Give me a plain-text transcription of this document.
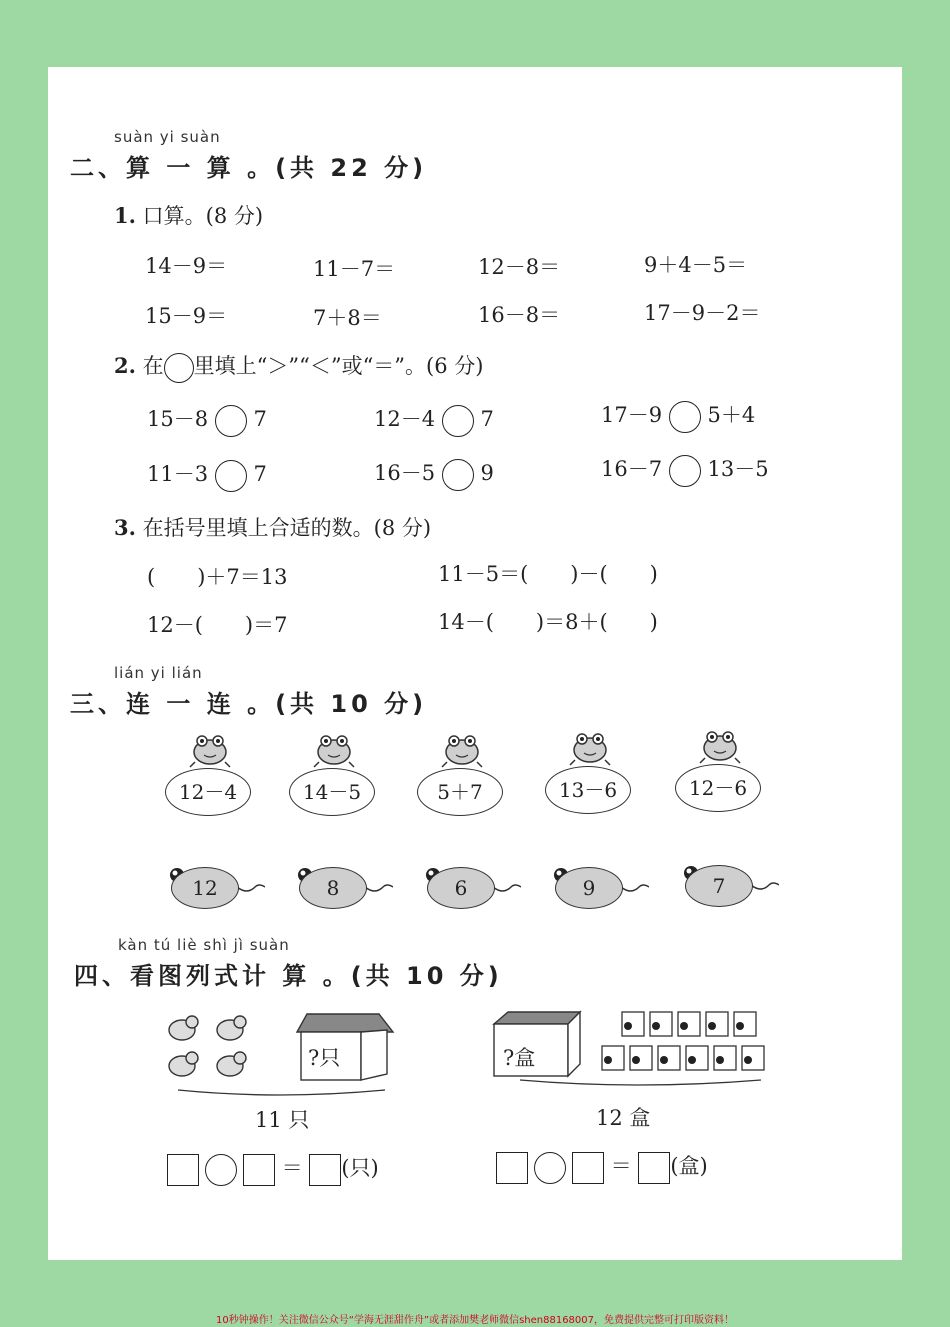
suàn yi suàn
二、算 一 算 。(共 22 分)
1. 口算。(8 分)
14－9＝	11－7＝	12－8＝	9＋4－5＝
15－9＝	7＋8＝	16－8＝	17－9－2＝
2. 在 里填上“＞”“＜”或“＝”。(6 分)
15－8 7	12－4 7	17－9 5＋4
11－3 7	16－5 9	16－7 13－5
3. 在括号里填上合适的数。(8 分)
(　　)＋7＝13	11－5＝(　　)－(　　)
12－(　　)＝7	14－(　　)＝8＋(　　)
lián yi lián
三、连 一 连 。(共 10 分)
12－4	14－5	5＋7	13－6	12－6
12	8	6	9	7
kàn tú liè shì jì suàn
四、看图列式计 算 。(共 10 分)
?只
11 只
＝ (只)
?盒
12 盒
＝ (盒)
10秒钟操作！关注微信公众号“学海无涯甜作舟”或者添加樊老师微信shen88168007，免费提供完整可打印版资料！
